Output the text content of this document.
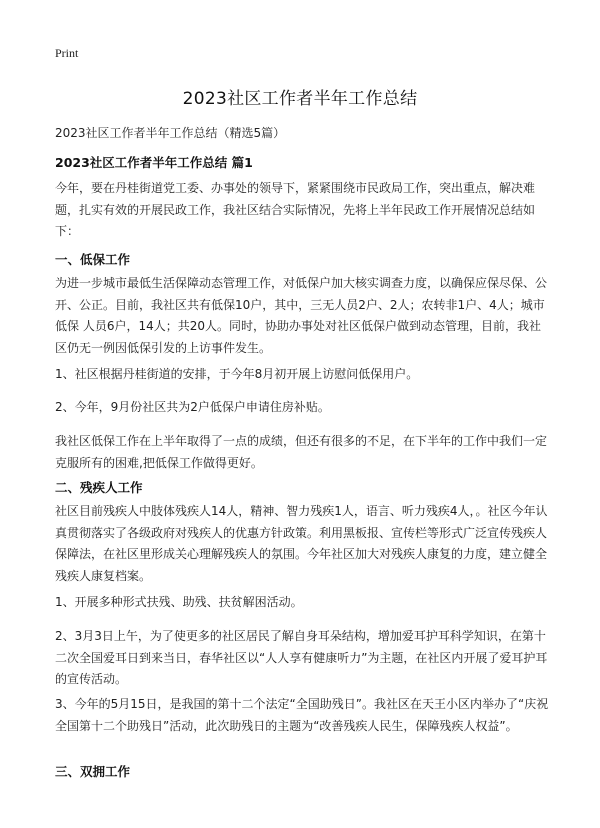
Print
2023社区工作者半年工作总结
2023社区工作者半年工作总结（精选5篇）
2023社区工作者半年工作总结 篇1

今年，要在丹桂街道党工委、办事处的领导下，紧紧围绕市民政局工作，突出重点，解决难题，扎实有效的开展民政工作，我社区结合实际情况，先将上半年民政工作开展情况总结如下：

一、低保工作

为进一步城市最低生活保障动态管理工作，对低保户加大核实调查力度，以确保应保尽保、公开、公正。目前，我社区共有低保10户，其中，三无人员2户、2人；农转非1户、4人；城市低保 人员6户，14人；共20人。同时，协助办事处对社区低保户做到动态管理，目前，我社区仍无一例因低保引发的上访事件发生。

1、社区根据丹桂街道的安排，于今年8月初开展上访慰问低保用户。

2、今年，9月份社区共为2户低保户申请住房补贴。

我社区低保工作在上半年取得了一点的成绩，但还有很多的不足，在下半年的工作中我们一定克服所有的困难,把低保工作做得更好。

二、残疾人工作

社区目前残疾人中肢体残疾人14人，精神、智力残疾1人，语言、听力残疾4人，。社区今年认真贯彻落实了各级政府对残疾人的优惠方针政策。利用黑板报、宣传栏等形式广泛宣传残疾人保障法，在社区里形成关心理解残疾人的氛围。今年社区加大对残疾人康复的力度，建立健全残疾人康复档案。

1、开展多种形式扶残、助残、扶贫解困活动。

2、3月3日上午，为了使更多的社区居民了解自身耳朵结构，增加爱耳护耳科学知识，在第十二次全国爱耳日到来当日，春华社区以“人人享有健康听力”为主题，在社区内开展了爱耳护耳的宣传活动。

3、今年的5月15日，是我国的第十二个法定“全国助残日”。我社区在天王小区内举办了“庆祝全国第十二个助残日”活动，此次助残日的主题为“改善残疾人民生，保障残疾人权益”。

三、双拥工作
